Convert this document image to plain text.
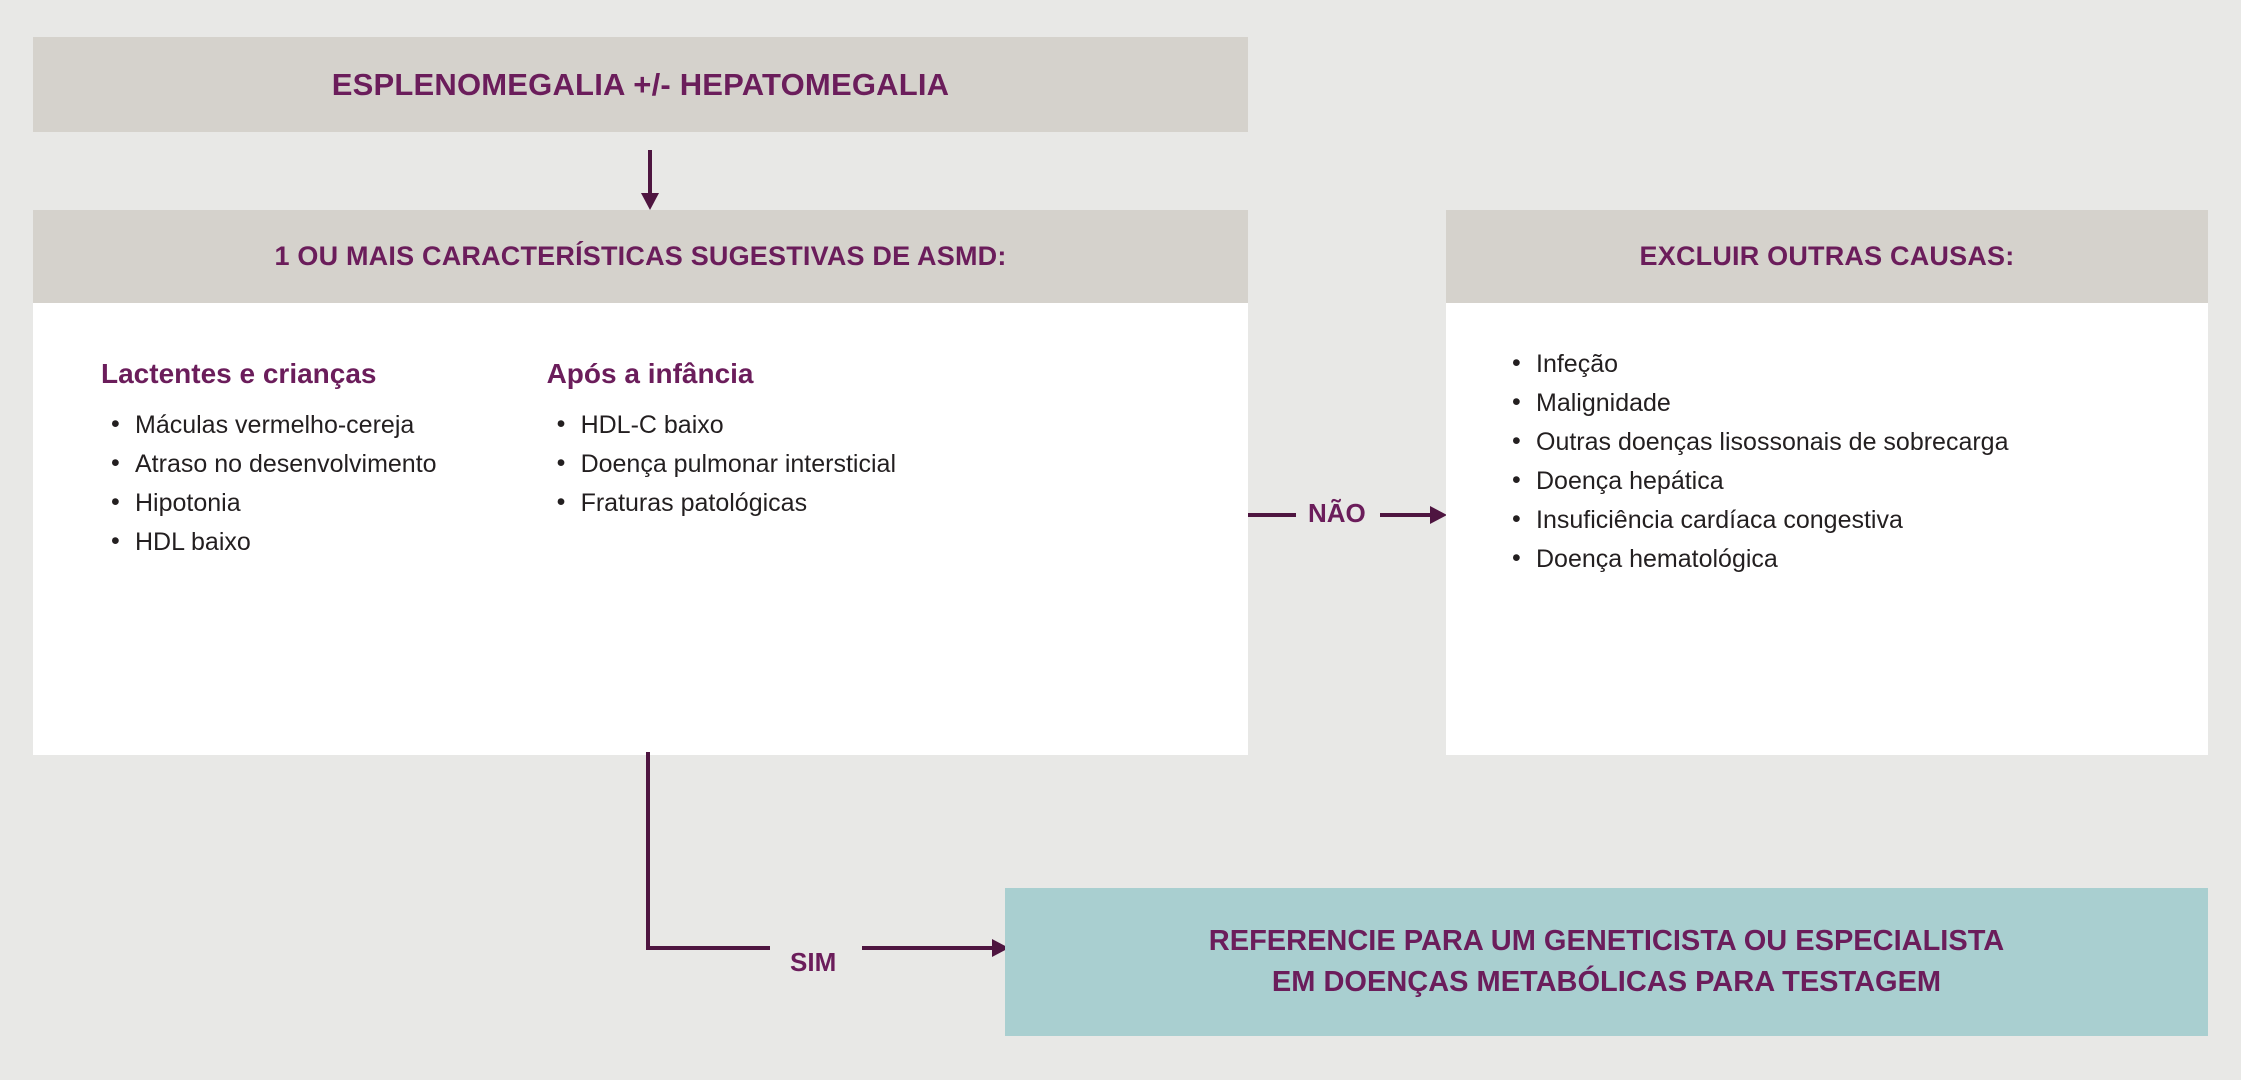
ESPLENOMEGALIA +/- HEPATOMEGALIA
1 OU MAIS CARACTERÍSTICAS SUGESTIVAS DE ASMD:
Lactentes e crianças
• Máculas vermelho-cereja
• Atraso no desenvolvimento
• Hipotonia
• HDL baixo
Após a infância
• HDL-C baixo
• Doença pulmonar intersticial
• Fraturas patológicas	NÃO
EXCLUIR OUTRAS CAUSAS:
• Infeção
• Malignidade
• Outras doenças lisossonais de sobrecarga
• Doença hepática
• Insuficiência cardíaca congestiva
• Doença hematológica
SIM
REFERENCIE PARA UM GENETICISTA OU ESPECIALISTA
EM DOENÇAS METABÓLICAS PARA TESTAGEM
